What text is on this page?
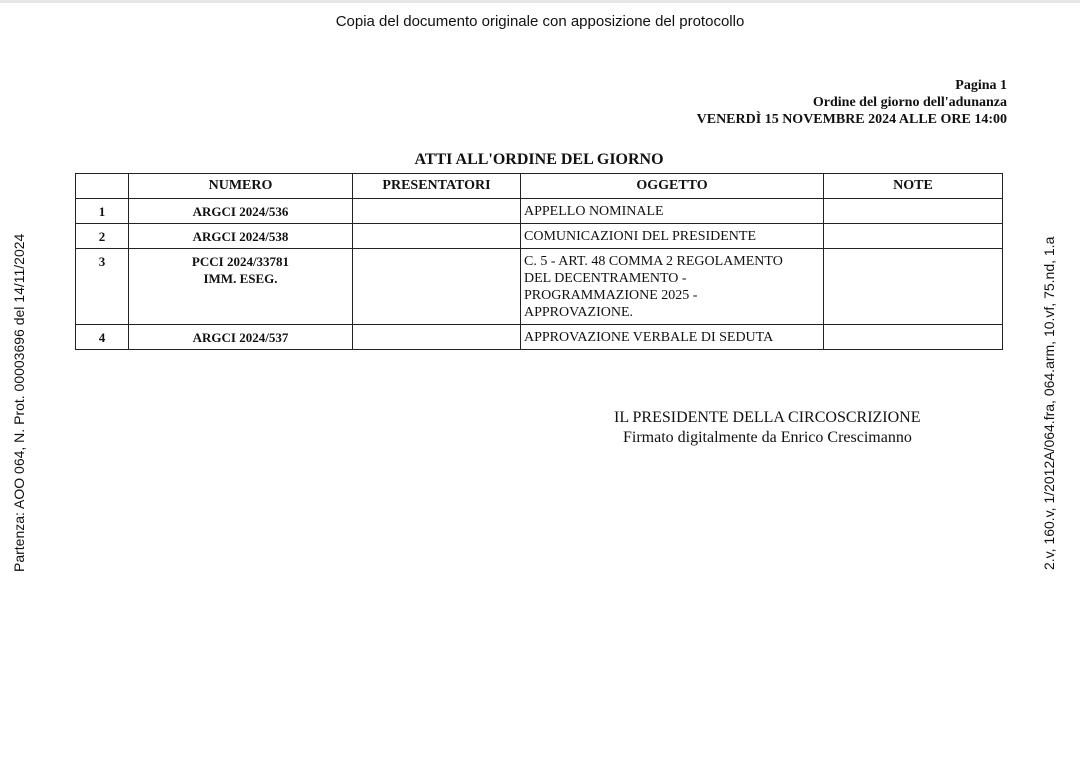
Copia del documento originale con apposizione del protocollo
Pagina 1
Ordine del giorno dell'adunanza
VENERDÌ 15 NOVEMBRE 2024 ALLE ORE 14:00
ATTI ALL'ORDINE DEL GIORNO
	NUMERO	PRESENTATORI	OGGETTO	NOTE
1	ARGCI 2024/536		APPELLO NOMINALE	

2	ARGCI 2024/538		COMUNICAZIONI DEL PRESIDENTE	

3	PCCI 2024/33781
IMM. ESEG.		C. 5 - ART. 48 COMMA 2 REGOLAMENTO
DEL DECENTRAMENTO -
PROGRAMMAZIONE 2025 -
APPROVAZIONE.	

4	ARGCI 2024/537		APPROVAZIONE VERBALE DI SEDUTA	

IL PRESIDENTE DELLA CIRCOSCRIZIONE
Firmato digitalmente da Enrico Crescimanno
Partenza: AOO 064, N. Prot. 00003696 del 14/11/2024	2.v, 160.v, 1/2012A/064.fra, 064.arm, 10.vf, 75.nd, 1.a
